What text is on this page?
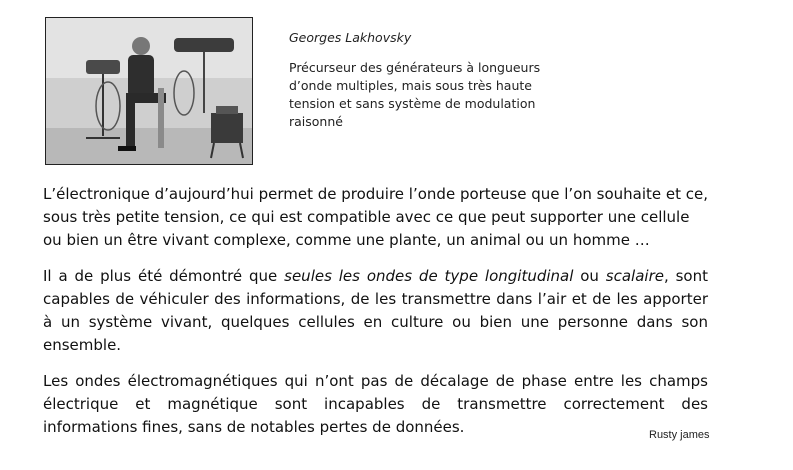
Georges Lakhovsky

Précurseur des générateurs à longueurs d’onde multiples, mais sous très haute tension et sans système de modulation raisonné

L’électronique d’aujourd’hui permet de produire l’onde porteuse que l’on souhaite et ce, sous très petite tension, ce qui est compatible avec ce que peut supporter une cellule ou bien un être vivant complexe, comme une plante, un animal ou un homme …

Il a de plus été démontré que seules les ondes de type longitudinal ou scalaire, sont capables de véhiculer des informations, de les transmettre dans l’air et de les apporter à un système vivant, quelques cellules en culture ou bien une personne dans son ensemble.

Les ondes électromagnétiques qui n’ont pas de décalage de phase entre les champs électrique et magnétique sont incapables de transmettre correctement des informations fines, sans de notables pertes de données.	Rusty james
